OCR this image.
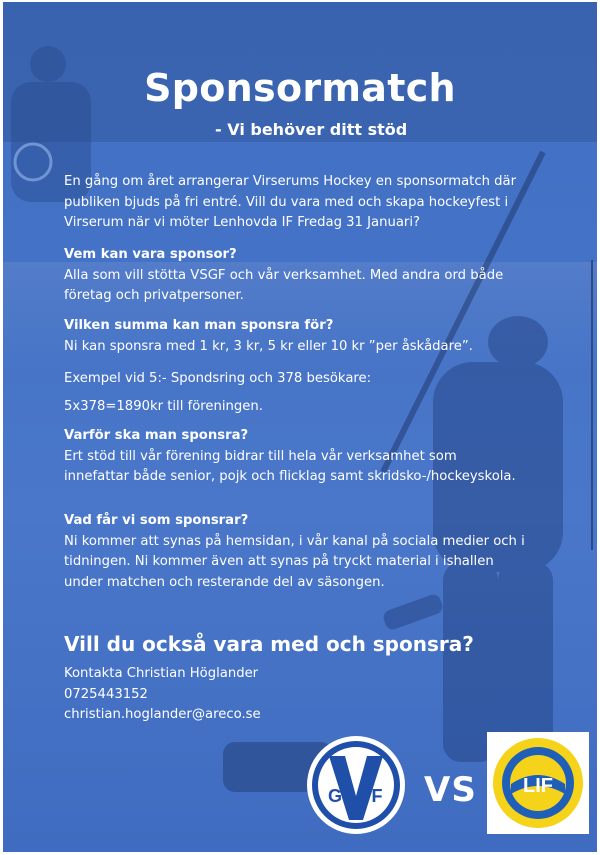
Sponsormatch
- Vi behöver ditt stöd
En gång om året arrangerar Virserums Hockey en sponsormatch där
publiken bjuds på fri entré. Vill du vara med och skapa hockeyfest i
Virserum när vi möter Lenhovda IF Fredag 31 Januari?
Vem kan vara sponsor?
Alla som vill stötta VSGF och vår verksamhet. Med andra ord både
företag och privatpersoner.
Vilken summa kan man sponsra för?
Ni kan sponsra med 1 kr, 3 kr, 5 kr eller 10 kr ”per åskådare”.
Exempel vid 5:- Spondsring och 378 besökare:
5x378=1890kr till föreningen.
Varför ska man sponsra?
Ert stöd till vår förening bidrar till hela vår verksamhet som
innefattar både senior, pojk och flicklag samt skridsko-/hockeyskola.
Vad får vi som sponsrar?
Ni kommer att synas på hemsidan, i vår kanal på sociala medier och i
tidningen. Ni kommer även att synas på tryckt material i ishallen
under matchen och resterande del av säsongen.
Vill du också vara med och sponsra?
Kontakta Christian Höglander
0725443152
christian.hoglander@areco.se
S
G F VS LIF
